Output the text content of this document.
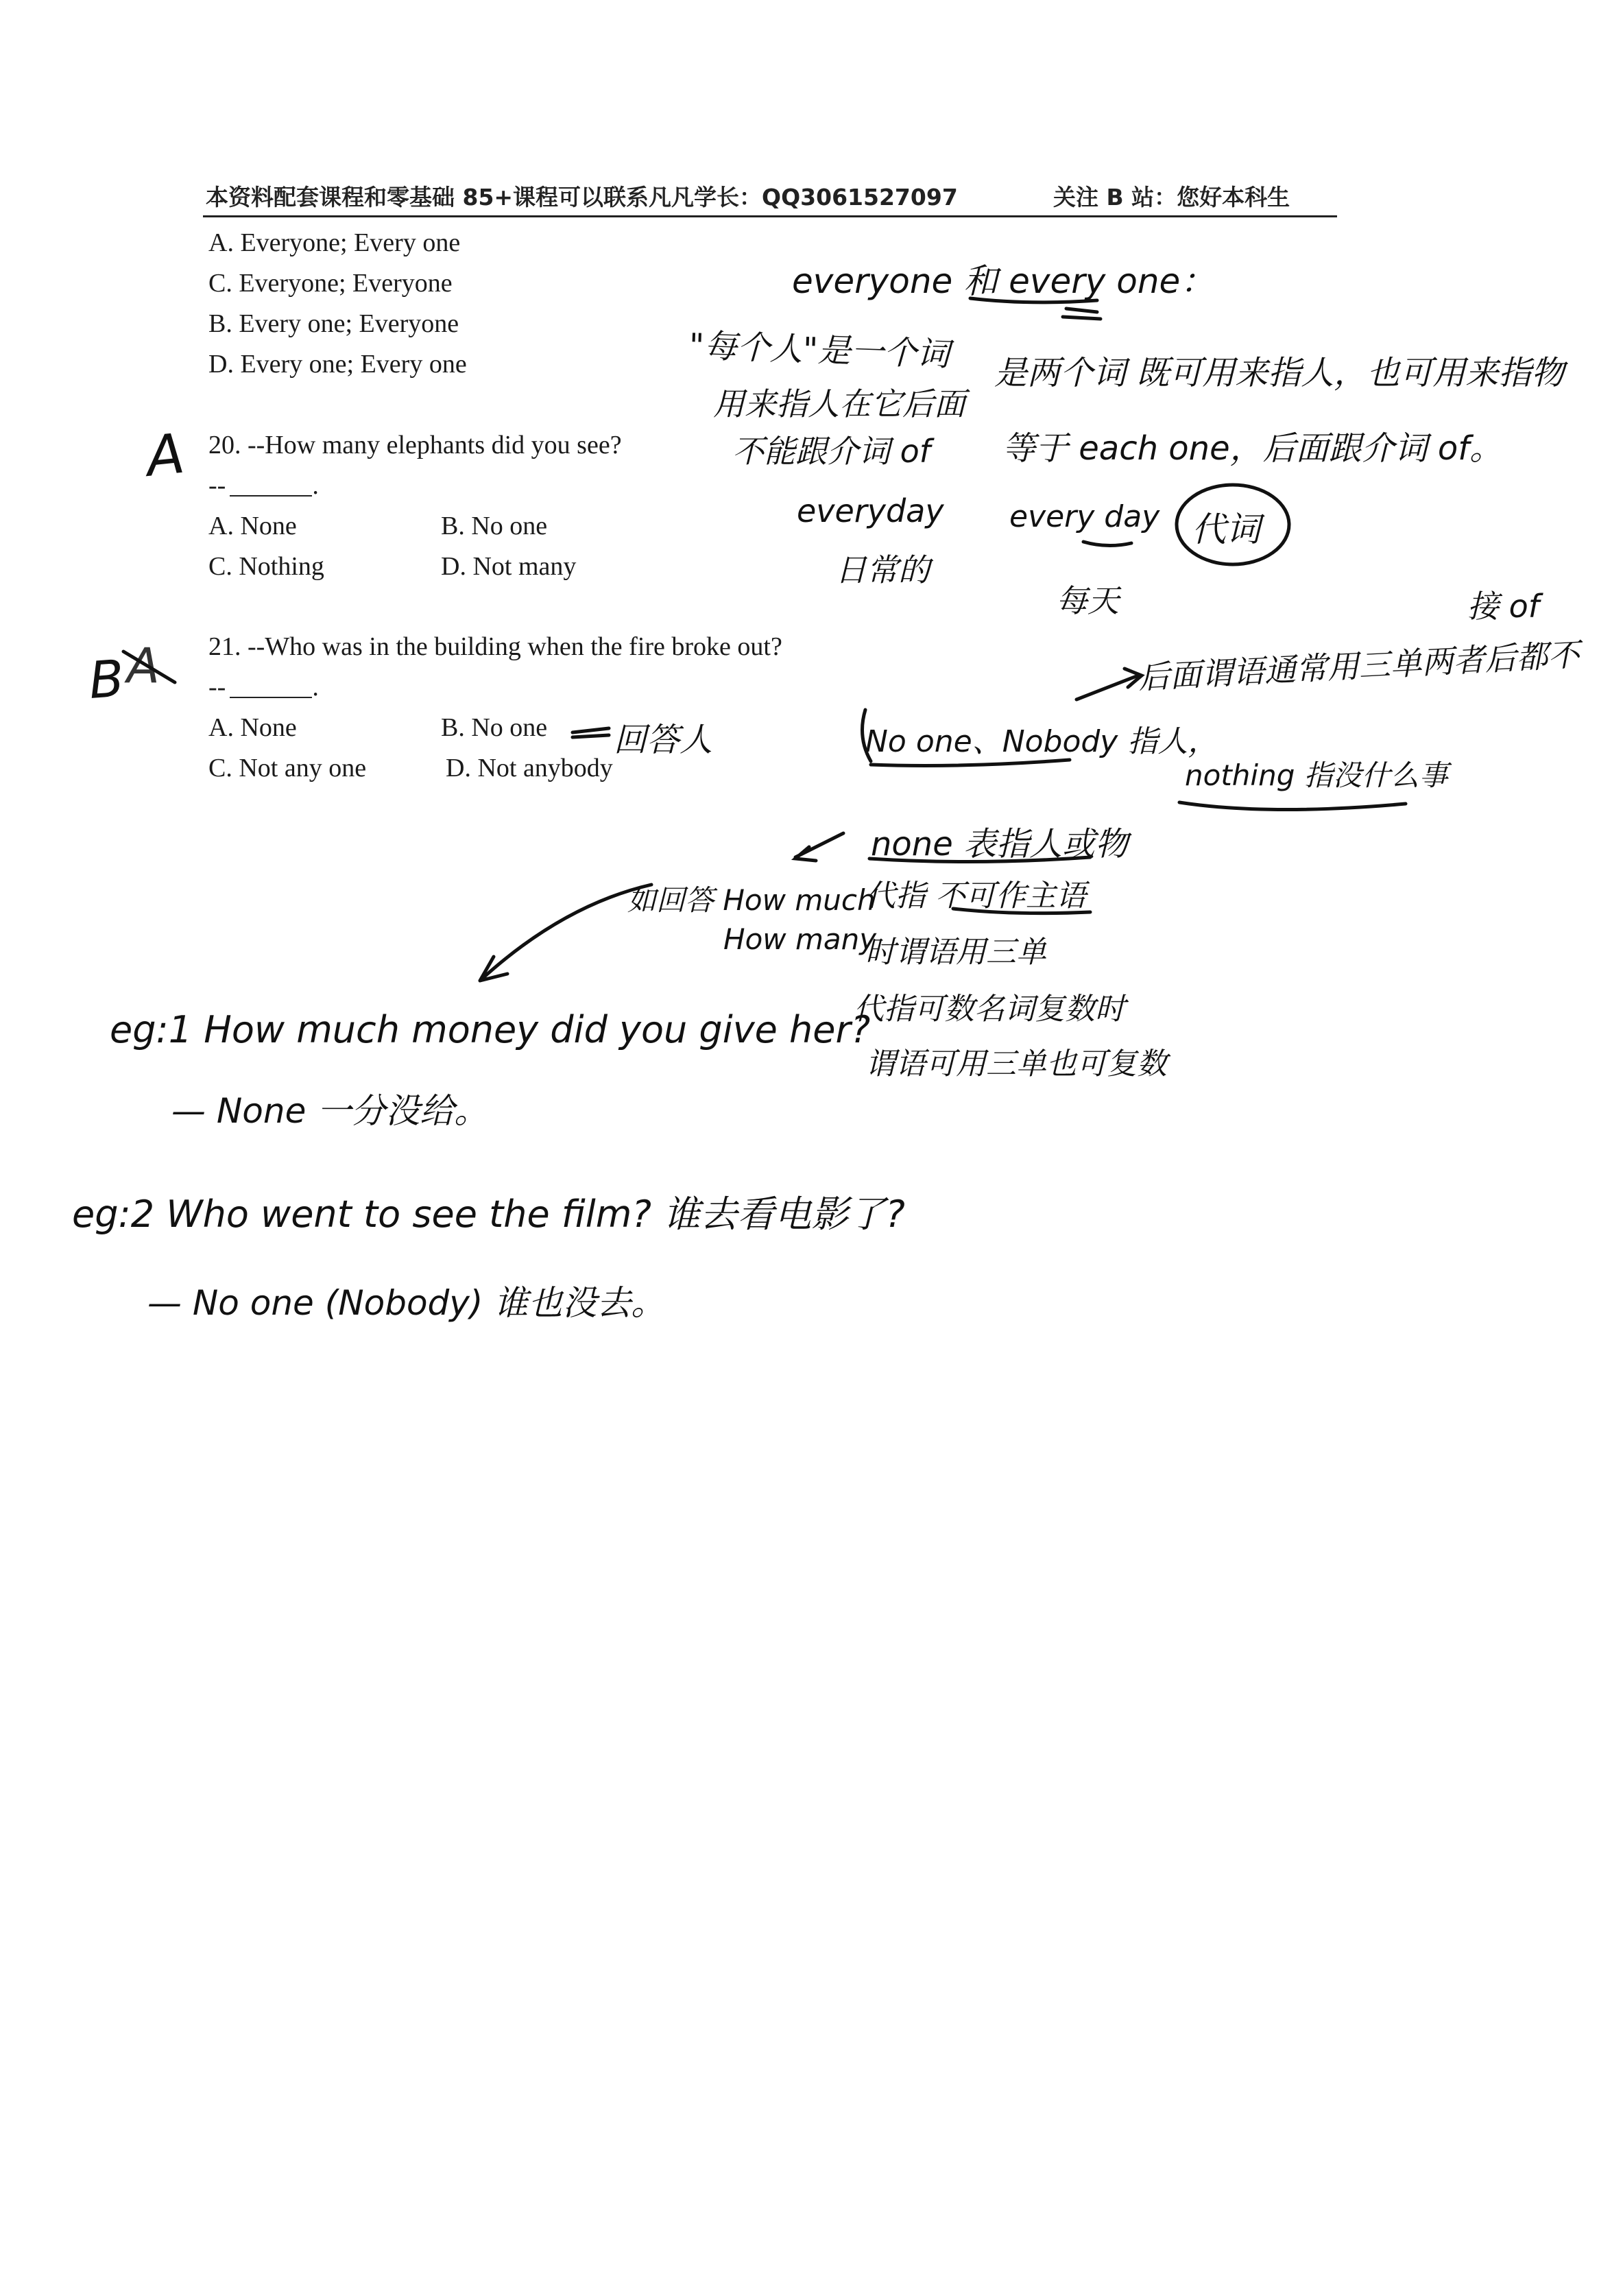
本资料配套课程和零基础 85+课程可以联系凡凡学长：QQ3061527097	关注 B 站：您好本科生
A. Everyone; Every one
C. Everyone; Everyone
B. Every one; Everyone
D. Every one; Every one
20. --How many elephants did you see?
--	.
A. None	B. No one
C. Nothing	D. Not many
A
21. --Who was in the building when the fire broke out?
--	.
A. None	B. No one
C. Not any one	D. Not anybody
B A
everyone 和 every one：
"每个人"是一个词
用来指人在它后面
不能跟介词 of
是两个词 既可用来指人，也可用来指物
等于 each one，后面跟介词 of。
everyday
日常的
every day
每天
代词
接 of
后面谓语通常用三单两者后都不
回答人	No one、Nobody 指人，
nothing 指没什么事
none 表指人或物
代指 不可作主语
时谓语用三单
代指可数名词复数时
谓语可用三单也可复数
如回答 How much
How many
eg:1 How much money did you give her?
— None 一分没给。
eg:2 Who went to see the film? 谁去看电影了?
— No one (Nobody) 谁也没去。
